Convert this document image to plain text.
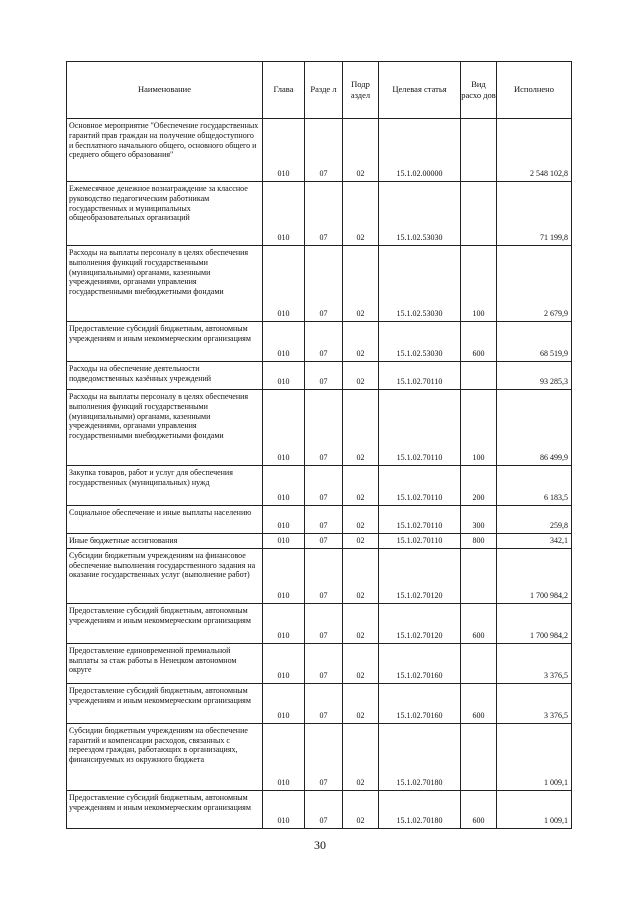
Наименование	Глава	Разде л	Подр аздел	Целевая статья	Вид расхо дов	Исполнено
Основное мероприятие "Обеспечение государственных гарантий прав граждан на получение общедоступного и бесплатного начального общего, основного общего и среднего общего образования"	010	07	02	15.1.02.00000		2 548 102,8
Ежемесячное денежное вознаграждение за классное руководство педагогическим работникам государственных и муниципальных общеобразовательных организаций	010	07	02	15.1.02.53030		71 199,8
Расходы на выплаты персоналу в целях обеспечения выполнения функций государственными (муниципальными) органами, казенными учреждениями, органами управления государственными внебюджетными фондами	010	07	02	15.1.02.53030	100	2 679,9
Предоставление субсидий бюджетным, автономным учреждениям и иным некоммерческим организациям	010	07	02	15.1.02.53030	600	68 519,9
Расходы на обеспечение деятельности подведомственных казённых учреждений	010	07	02	15.1.02.70110		93 285,3
Расходы на выплаты персоналу в целях обеспечения выполнения функций государственными (муниципальными) органами, казенными учреждениями, органами управления государственными внебюджетными фондами	010	07	02	15.1.02.70110	100	86 499,9
Закупка товаров, работ и услуг для обеспечения государственных (муниципальных) нужд	010	07	02	15.1.02.70110	200	6 183,5
Социальное обеспечение и иные выплаты населению	010	07	02	15.1.02.70110	300	259,8
Иные бюджетные ассигнования	010	07	02	15.1.02.70110	800	342,1
Субсидии бюджетным учреждениям на финансовое обеспечение выполнения государственного задания на оказание государственных услуг (выполнение работ)	010	07	02	15.1.02.70120		1 700 984,2
Предоставление субсидий бюджетным, автономным учреждениям и иным некоммерческим организациям	010	07	02	15.1.02.70120	600	1 700 984,2
Предоставление единовременной премиальной выплаты за стаж работы в Ненецком автономном округе	010	07	02	15.1.02.70160		3 376,5
Предоставление субсидий бюджетным, автономным учреждениям и иным некоммерческим организациям	010	07	02	15.1.02.70160	600	3 376,5
Субсидии бюджетным учреждениям на обеспечение гарантий и компенсации расходов, связанных с переездом граждан, работающих в организациях, финансируемых из окружного бюджета	010	07	02	15.1.02.70180		1 009,1
Предоставление субсидий бюджетным, автономным учреждениям и иным некоммерческим организациям	010	07	02	15.1.02.70180	600	1 009,1
30
